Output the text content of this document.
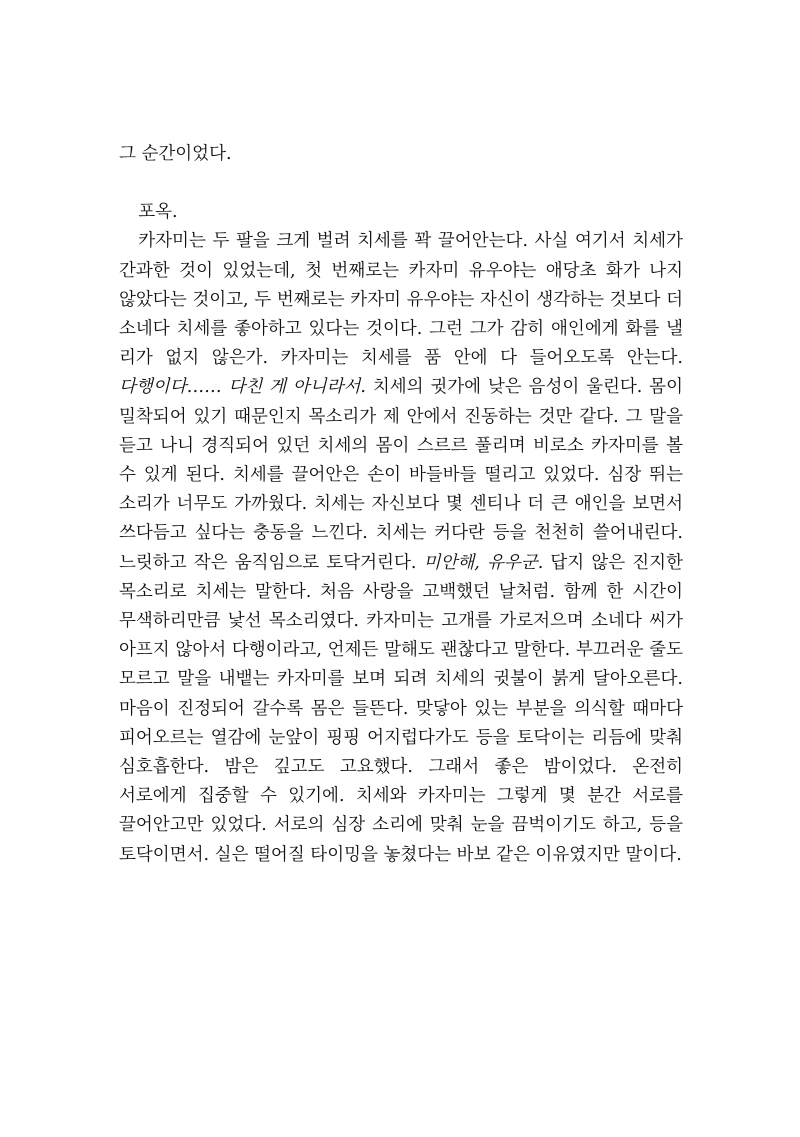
그 순간이었다.

포옥.

카자미는 두 팔을 크게 벌려 치세를 꽉 끌어안는다. 사실 여기서 치세가 간과한 것이 있었는데, 첫 번째로는 카자미 유우야는 애당초 화가 나지 않았다는 것이고, 두 번째로는 카자미 유우야는 자신이 생각하는 것보다 더 소네다 치세를 좋아하고 있다는 것이다. 그런 그가 감히 애인에게 화를 낼 리가 없지 않은가. 카자미는 치세를 품 안에 다 들어오도록 안는다. 다행이다…… 다친 게 아니라서. 치세의 귓가에 낮은 음성이 울린다. 몸이 밀착되어 있기 때문인지 목소리가 제 안에서 진동하는 것만 같다. 그 말을 듣고 나니 경직되어 있던 치세의 몸이 스르르 풀리며 비로소 카자미를 볼 수 있게 된다. 치세를 끌어안은 손이 바들바들 떨리고 있었다. 심장 뛰는 소리가 너무도 가까웠다. 치세는 자신보다 몇 센티나 더 큰 애인을 보면서 쓰다듬고 싶다는 충동을 느낀다. 치세는 커다란 등을 천천히 쓸어내린다. 느릿하고 작은 움직임으로 토닥거린다. 미안해, 유우군. 답지 않은 진지한 목소리로 치세는 말한다. 처음 사랑을 고백했던 날처럼. 함께 한 시간이 무색하리만큼 낯선 목소리였다. 카자미는 고개를 가로저으며 소네다 씨가 아프지 않아서 다행이라고, 언제든 말해도 괜찮다고 말한다. 부끄러운 줄도 모르고 말을 내뱉는 카자미를 보며 되려 치세의 귓불이 붉게 달아오른다. 마음이 진정되어 갈수록 몸은 들뜬다. 맞닿아 있는 부분을 의식할 때마다 피어오르는 열감에 눈앞이 핑핑 어지럽다가도 등을 토닥이는 리듬에 맞춰 심호흡한다. 밤은 깊고도 고요했다. 그래서 좋은 밤이었다. 온전히 서로에게 집중할 수 있기에. 치세와 카자미는 그렇게 몇 분간 서로를 끌어안고만 있었다. 서로의 심장 소리에 맞춰 눈을 끔벅이기도 하고, 등을 토닥이면서. 실은 떨어질 타이밍을 놓쳤다는 바보 같은 이유였지만 말이다.
